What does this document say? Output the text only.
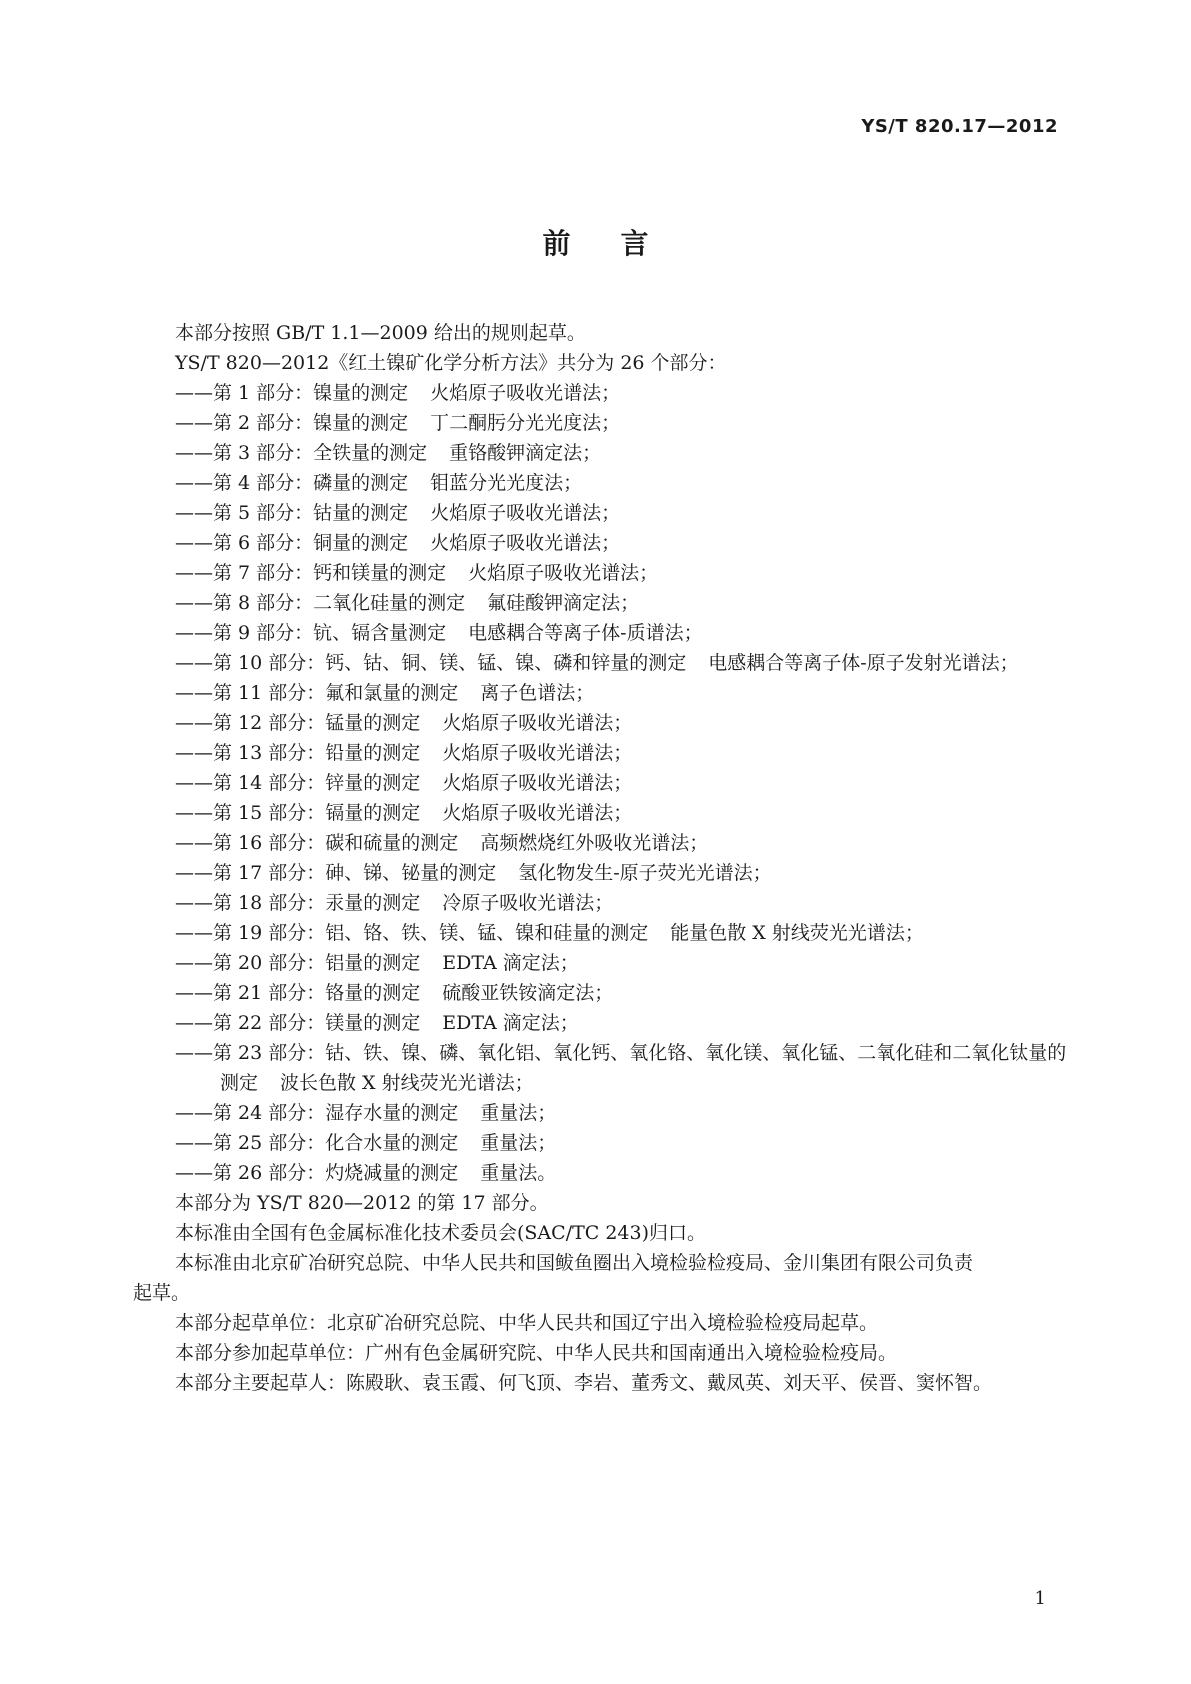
YS/T 820.17—2012
前 言
本部分按照 GB/T 1.1—2009 给出的规则起草。
YS/T 820—2012《红土镍矿化学分析方法》共分为 26 个部分：
——第 1 部分：镍量的测定 火焰原子吸收光谱法；
——第 2 部分：镍量的测定 丁二酮肟分光光度法；
——第 3 部分：全铁量的测定 重铬酸钾滴定法；
——第 4 部分：磷量的测定 钼蓝分光光度法；
——第 5 部分：钴量的测定 火焰原子吸收光谱法；
——第 6 部分：铜量的测定 火焰原子吸收光谱法；
——第 7 部分：钙和镁量的测定 火焰原子吸收光谱法；
——第 8 部分：二氧化硅量的测定 氟硅酸钾滴定法；
——第 9 部分：钪、镉含量测定 电感耦合等离子体-质谱法；
——第 10 部分：钙、钴、铜、镁、锰、镍、磷和锌量的测定 电感耦合等离子体-原子发射光谱法；
——第 11 部分：氟和氯量的测定 离子色谱法；
——第 12 部分：锰量的测定 火焰原子吸收光谱法；
——第 13 部分：铅量的测定 火焰原子吸收光谱法；
——第 14 部分：锌量的测定 火焰原子吸收光谱法；
——第 15 部分：镉量的测定 火焰原子吸收光谱法；
——第 16 部分：碳和硫量的测定 高频燃烧红外吸收光谱法；
——第 17 部分：砷、锑、铋量的测定 氢化物发生-原子荧光光谱法；
——第 18 部分：汞量的测定 冷原子吸收光谱法；
——第 19 部分：铝、铬、铁、镁、锰、镍和硅量的测定 能量色散 X 射线荧光光谱法；
——第 20 部分：铝量的测定 EDTA 滴定法；
——第 21 部分：铬量的测定 硫酸亚铁铵滴定法；
——第 22 部分：镁量的测定 EDTA 滴定法；
——第 23 部分：钴、铁、镍、磷、氧化铝、氧化钙、氧化铬、氧化镁、氧化锰、二氧化硅和二氧化钛量的
测定 波长色散 X 射线荧光光谱法；
——第 24 部分：湿存水量的测定 重量法；
——第 25 部分：化合水量的测定 重量法；
——第 26 部分：灼烧减量的测定 重量法。
本部分为 YS/T 820—2012 的第 17 部分。
本标准由全国有色金属标准化技术委员会(SAC/TC 243)归口。
本标准由北京矿冶研究总院、中华人民共和国鲅鱼圈出入境检验检疫局、金川集团有限公司负责
起草。
本部分起草单位：北京矿冶研究总院、中华人民共和国辽宁出入境检验检疫局起草。
本部分参加起草单位：广州有色金属研究院、中华人民共和国南通出入境检验检疫局。
本部分主要起草人：陈殿耿、袁玉霞、何飞顶、李岩、董秀文、戴凤英、刘天平、侯晋、窦怀智。
1
